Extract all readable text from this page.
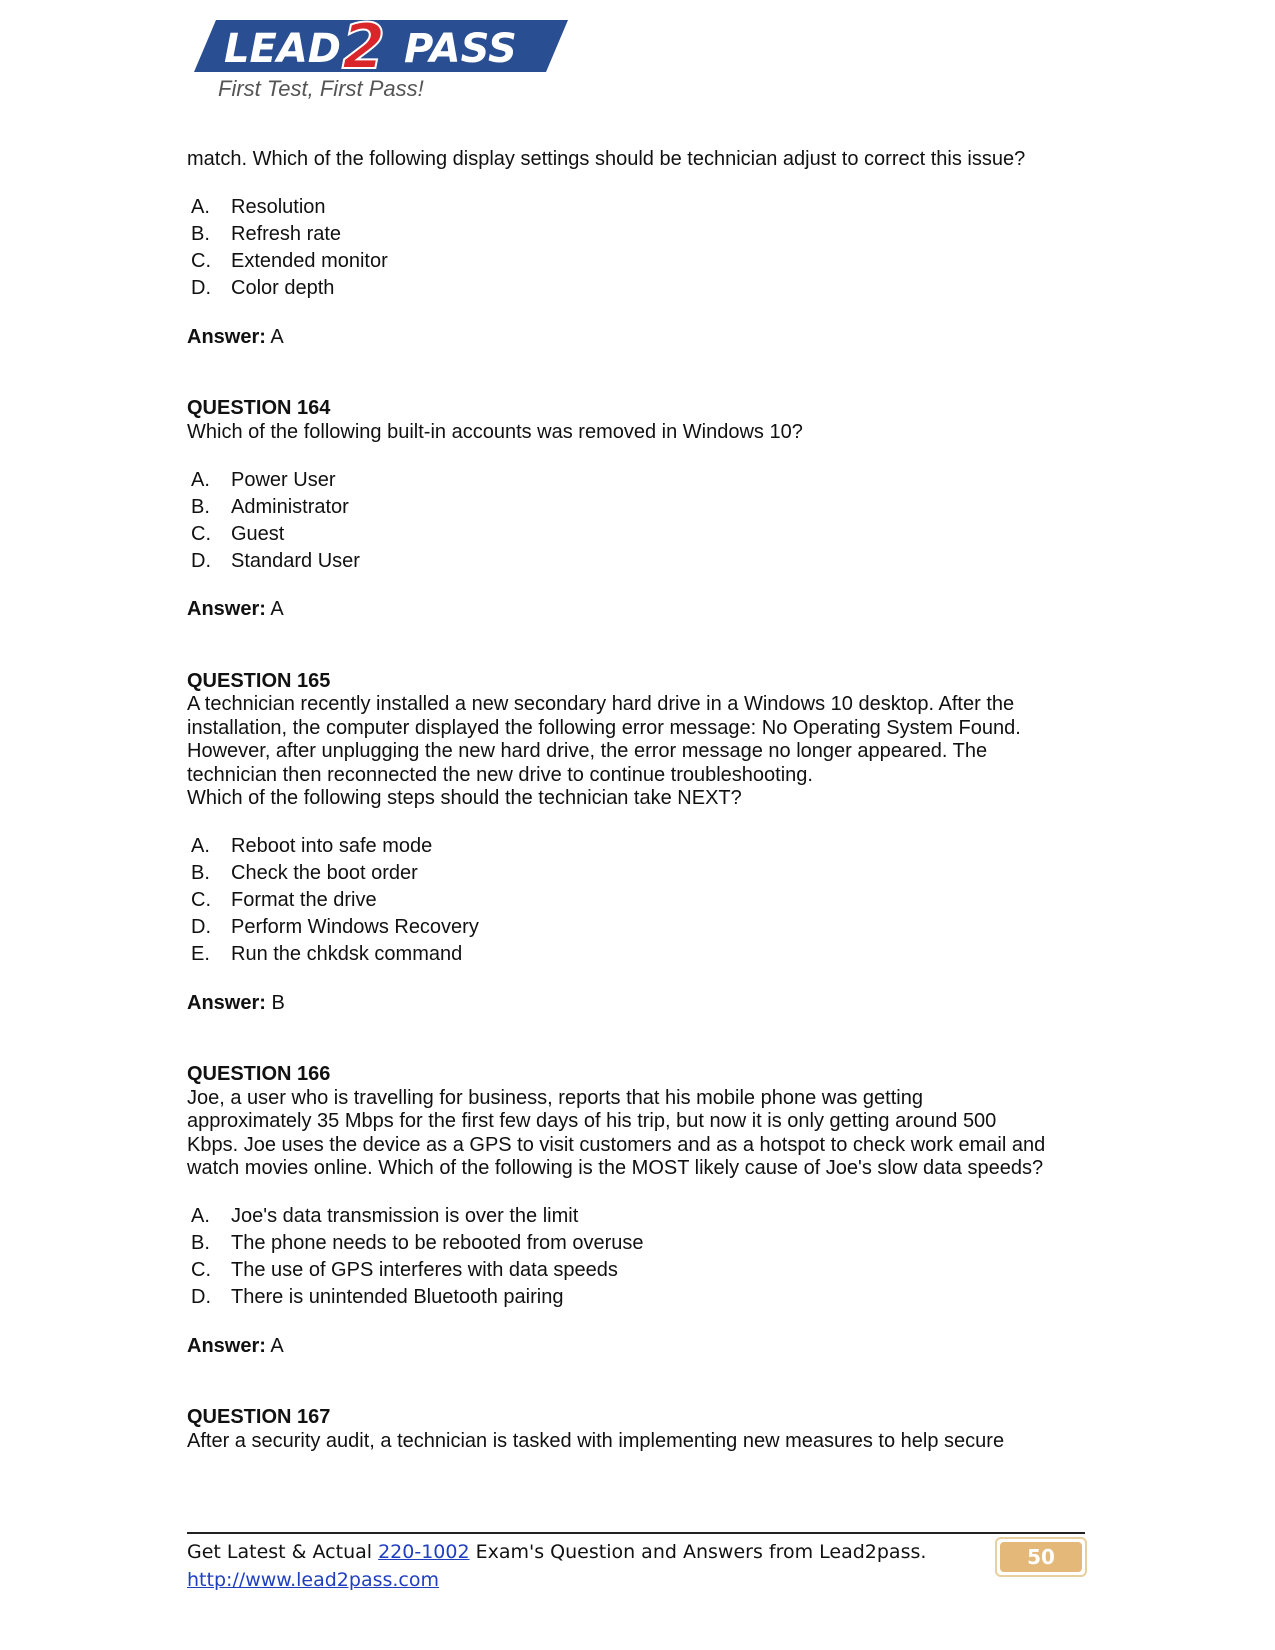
LEAD 2 PASS
First Test, First Pass!

match. Which of the following display settings should be technician adjust to correct this issue?

A.	Resolution
B.	Refresh rate
C.	Extended monitor
D.	Color depth
Answer: A
QUESTION 164

Which of the following built-in accounts was removed in Windows 10?

A.	Power User
B.	Administrator
C.	Guest
D.	Standard User
Answer: A
QUESTION 165

A technician recently installed a new secondary hard drive in a Windows 10 desktop. After the
installation, the computer displayed the following error message: No Operating System Found.
However, after unplugging the new hard drive, the error message no longer appeared. The
technician then reconnected the new drive to continue troubleshooting.
Which of the following steps should the technician take NEXT?

A.	Reboot into safe mode
B.	Check the boot order
C.	Format the drive
D.	Perform Windows Recovery
E.	Run the chkdsk command
Answer: B
QUESTION 166

Joe, a user who is travelling for business, reports that his mobile phone was getting
approximately 35 Mbps for the first few days of his trip, but now it is only getting around 500
Kbps. Joe uses the device as a GPS to visit customers and as a hotspot to check work email and
watch movies online. Which of the following is the MOST likely cause of Joe's slow data speeds?

A.	Joe's data transmission is over the limit
B.	The phone needs to be rebooted from overuse
C.	The use of GPS interferes with data speeds
D.	There is unintended Bluetooth pairing
Answer: A
QUESTION 167

After a security audit, a technician is tasked with implementing new measures to help secure

Get Latest & Actual 220-1002 Exam's Question and Answers from Lead2pass.
http://www.lead2pass.com
50
